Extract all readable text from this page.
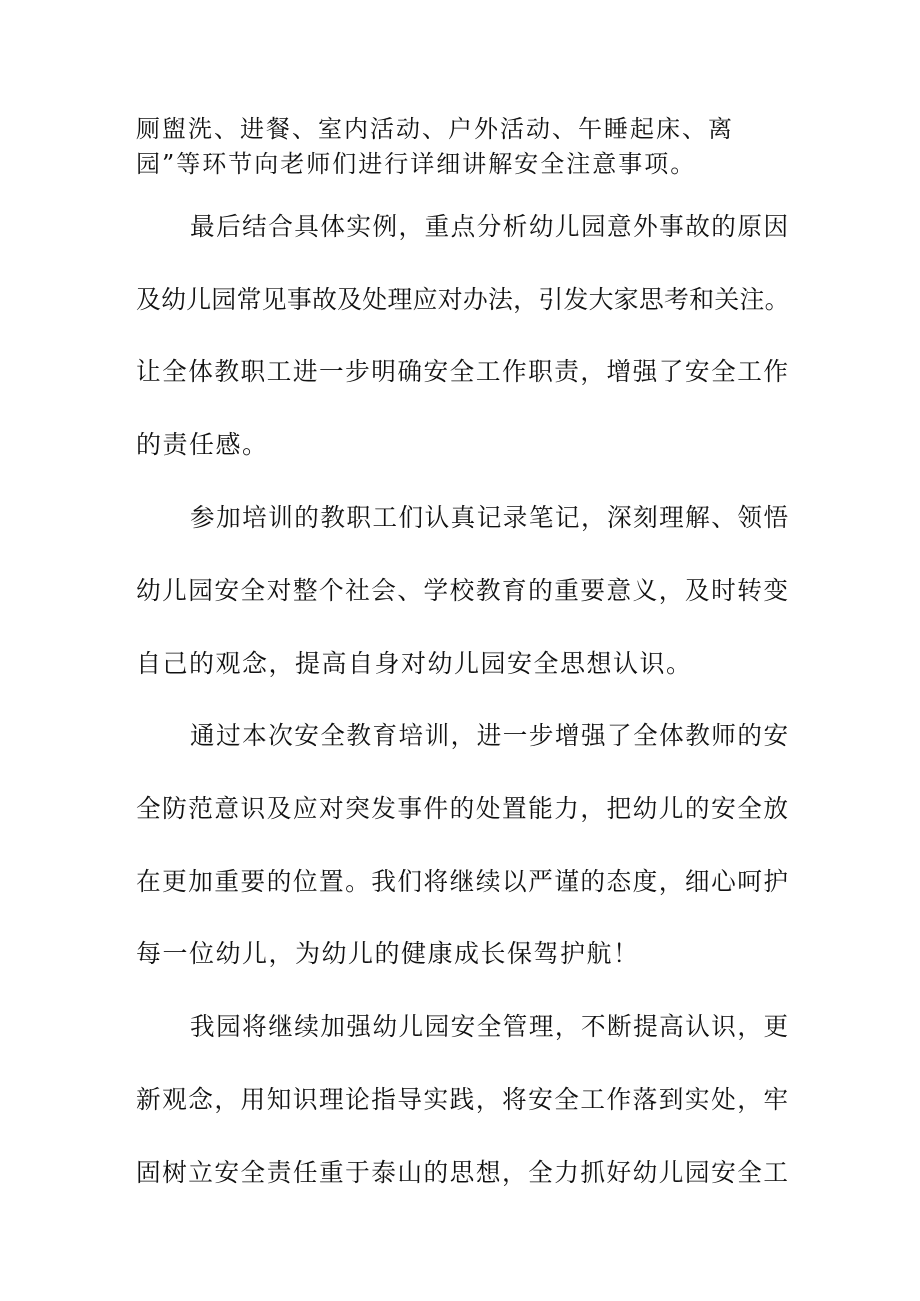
厕盥洗、进餐、室内活动、户外活动、午睡起床、离
园”等环节向老师们进行详细讲解安全注意事项。
最后结合具体实例，重点分析幼儿园意外事故的原因
及幼儿园常见事故及处理应对办法，引发大家思考和关注。
让全体教职工进一步明确安全工作职责，增强了安全工作
的责任感。
参加培训的教职工们认真记录笔记，深刻理解、领悟
幼儿园安全对整个社会、学校教育的重要意义，及时转变
自己的观念，提高自身对幼儿园安全思想认识。
通过本次安全教育培训，进一步增强了全体教师的安
全防范意识及应对突发事件的处置能力，把幼儿的安全放
在更加重要的位置。我们将继续以严谨的态度，细心呵护
每一位幼儿，为幼儿的健康成长保驾护航！
我园将继续加强幼儿园安全管理，不断提高认识，更
新观念，用知识理论指导实践，将安全工作落到实处，牢
固树立安全责任重于泰山的思想，全力抓好幼儿园安全工
